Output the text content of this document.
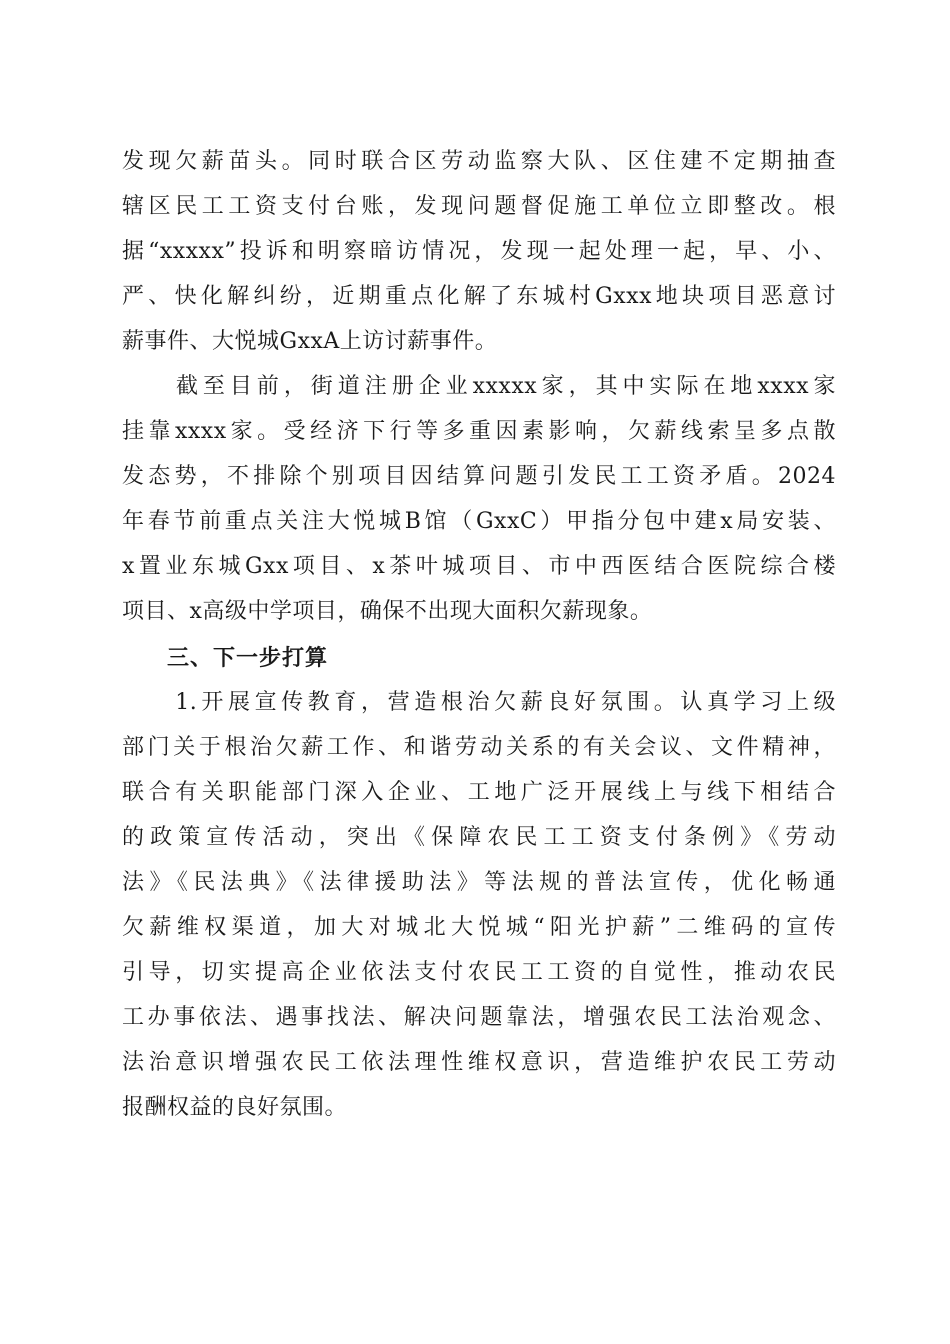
发现欠薪苗头。同时联合区劳动监察大队、区住建不定期抽查
辖区民工工资支付台账，发现问题督促施工单位立即整改。根
据“xxxxx”投诉和明察暗访情况，发现一起处理一起，早、小、
严、快化解纠纷，近期重点化解了东城村Gxxx地块项目恶意讨
薪事件、大悦城GxxA上访讨薪事件。
　　截至目前，街道注册企业xxxxx家，其中实际在地xxxx家
挂靠xxxx家。受经济下行等多重因素影响，欠薪线索呈多点散
发态势，不排除个别项目因结算问题引发民工工资矛盾。2024
年春节前重点关注大悦城B馆（GxxC）甲指分包中建x局安装、
x置业东城Gxx项目、x茶叶城项目、市中西医结合医院综合楼
项目、x高级中学项目，确保不出现大面积欠薪现象。
三、下一步打算
　　1.开展宣传教育，营造根治欠薪良好氛围。认真学习上级
部门关于根治欠薪工作、和谐劳动关系的有关会议、文件精神，
联合有关职能部门深入企业、工地广泛开展线上与线下相结合
的政策宣传活动，突出《保障农民工工资支付条例》《劳动
法》《民法典》《法律援助法》等法规的普法宣传，优化畅通
欠薪维权渠道，加大对城北大悦城“阳光护薪”二维码的宣传
引导，切实提高企业依法支付农民工工资的自觉性，推动农民
工办事依法、遇事找法、解决问题靠法，增强农民工法治观念、
法治意识增强农民工依法理性维权意识，营造维护农民工劳动
报酬权益的良好氛围。
